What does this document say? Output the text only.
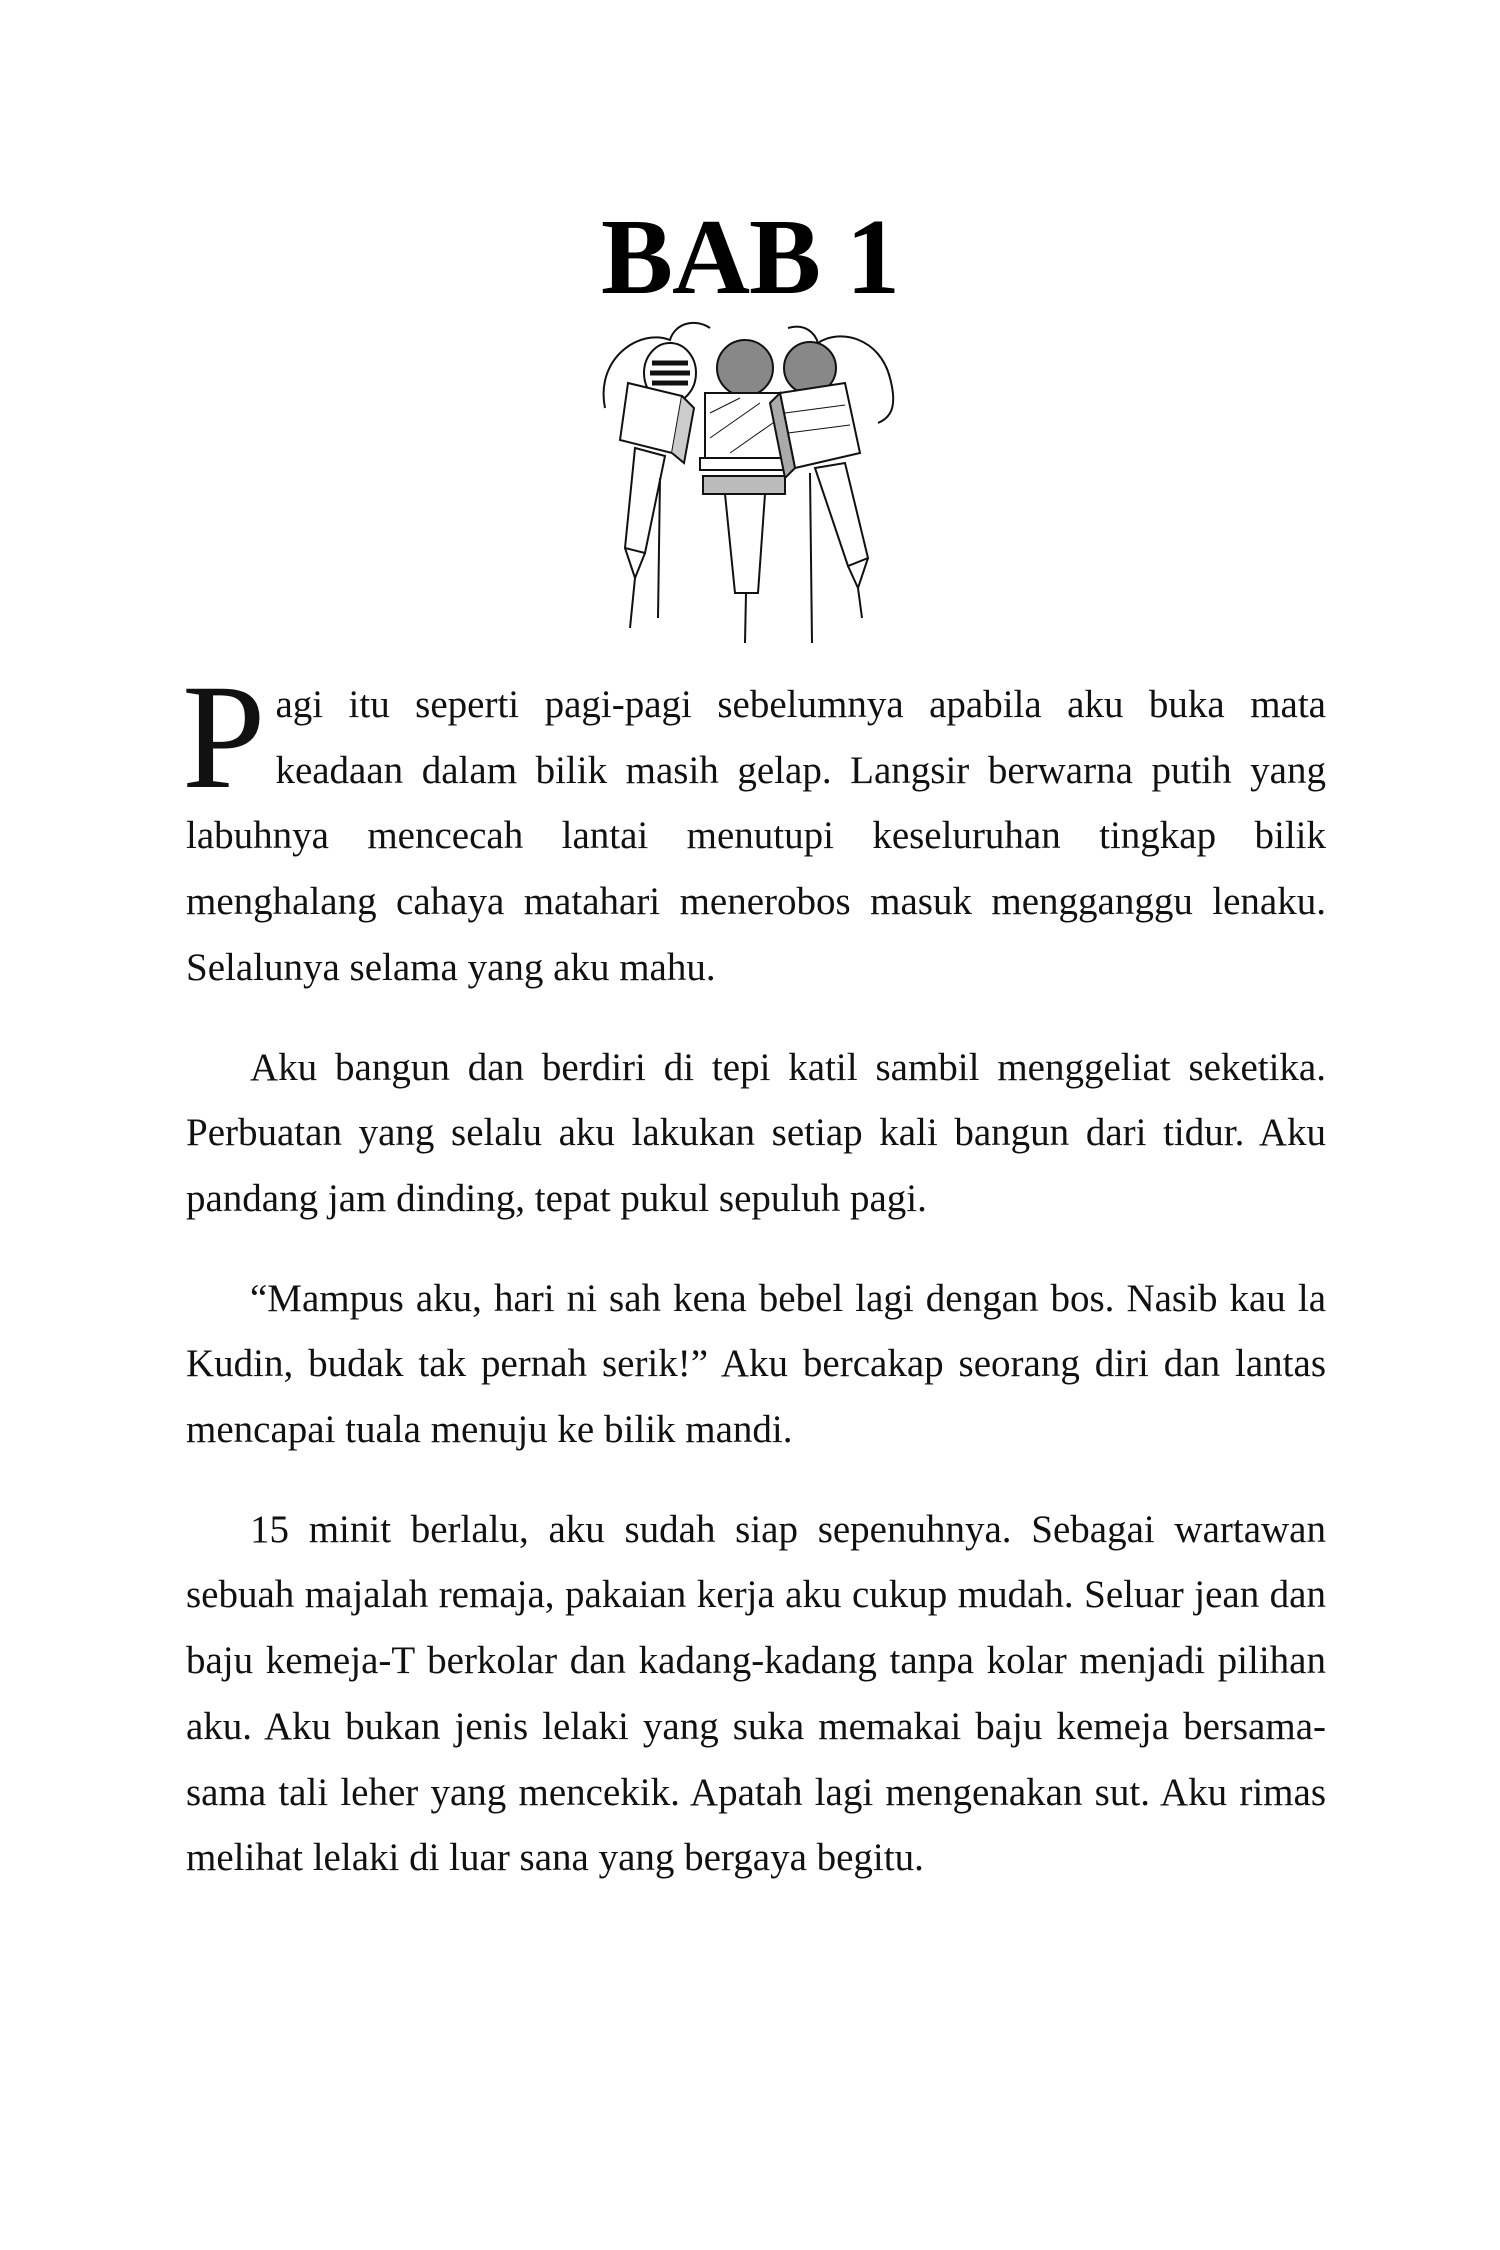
BAB 1

Pagi itu seperti pagi-pagi sebelumnya apabila aku buka mata keadaan dalam bilik masih gelap. Langsir berwarna putih yang labuhnya mencecah lantai menutupi keseluruhan tingkap bilik menghalang cahaya matahari menerobos masuk mengganggu lenaku. Selalunya selama yang aku mahu.

Aku bangun dan berdiri di tepi katil sambil menggeliat seketika. Perbuatan yang selalu aku lakukan setiap kali bangun dari tidur. Aku pandang jam dinding, tepat pukul sepuluh pagi.

“Mampus aku, hari ni sah kena bebel lagi dengan bos. Nasib kau la Kudin, budak tak pernah serik!” Aku bercakap seorang diri dan lantas mencapai tuala menuju ke bilik mandi.

15 minit berlalu, aku sudah siap sepenuhnya. Sebagai wartawan sebuah majalah remaja, pakaian kerja aku cukup mudah. Seluar jean dan baju kemeja-T berkolar dan kadang-kadang tanpa kolar menjadi pilihan aku. Aku bukan jenis lelaki yang suka memakai baju kemeja bersama-sama tali leher yang mencekik. Apatah lagi mengenakan sut. Aku rimas melihat lelaki di luar sana yang bergaya begitu.
